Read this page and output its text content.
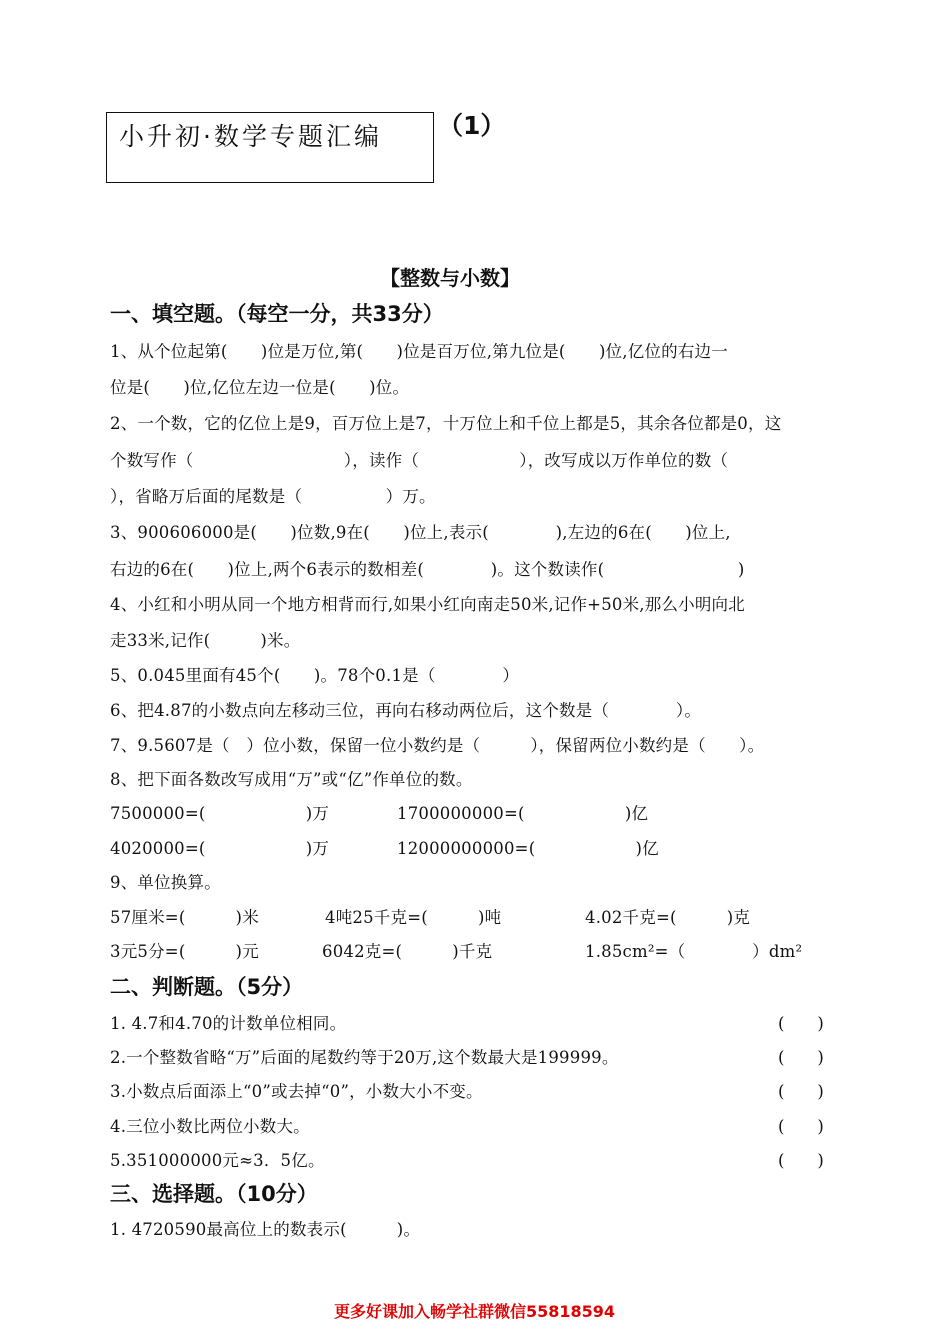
小升初·数学专题汇编 （1）
【整数与小数】
一、填空题。（每空一分，共33分）
1、从个位起第(　　)位是万位,第(　　)位是百万位,第九位是(　　)位,亿位的右边一
位是(　　)位,亿位左边一位是(　　)位。
2、一个数，它的亿位上是9，百万位上是7，十万位上和千位上都是5，其余各位都是0，这
个数写作（　　　　　　　　　），读作（　　　　　　），改写成以万作单位的数（
），省略万后面的尾数是（　　　　　）万。
3、900606000是(　　)位数,9在(　　)位上,表示(　　　　),左边的6在(　　)位上,
右边的6在(　　)位上,两个6表示的数相差(　　　　)。这个数读作(　　　　　　　　)
4、小红和小明从同一个地方相背而行,如果小红向南走50米,记作+50米,那么小明向北
走33米,记作(　　　)米。
5、0.045里面有45个(　　)。78个0.1是（　　　　）
6、把4.87的小数点向左移动三位，再向右移动两位后，这个数是（　　　　）。
7、9.5607是（　）位小数，保留一位小数约是（　　　），保留两位小数约是（　　）。
8、把下面各数改写成用“万”或“亿”作单位的数。
7500000=(　　　　　　)万	1700000000=(　　　　　　)亿
4020000=(　　　　　　)万	12000000000=(　　　　　　)亿
9、单位换算。
57厘米=(　　　)米	4吨25千克=(　　　)吨	4.02千克=(　　　)克
3元5分=(　　　)元	6042克=(　　　)千克	1.85cm²=（　　　　）dm²
二、判断题。（5分）
1. 4.7和4.70的计数单位相同。	(　　)
2.一个整数省略“万”后面的尾数约等于20万,这个数最大是199999。	(　　)
3.小数点后面添上“0”或去掉“0”，小数大小不变。	(　　)
4.三位小数比两位小数大。	(　　)
5.351000000元≈3．5亿。	(　　)
三、选择题。（10分）
1. 4720590最高位上的数表示(　　　)。
更多好课加入畅学社群微信55818594
